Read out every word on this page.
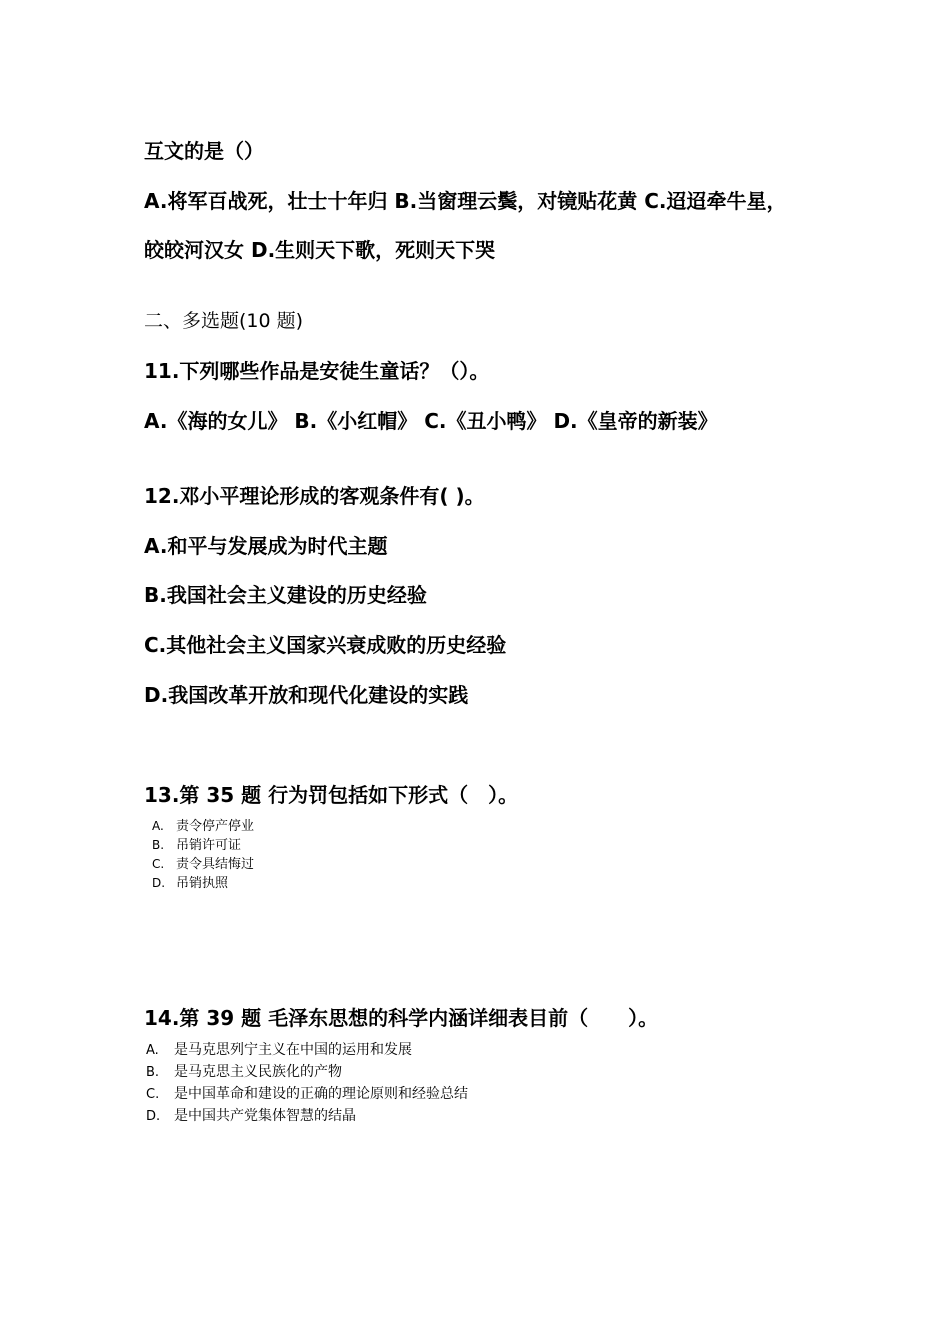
互文的是（）
A.将军百战死，壮士十年归 B.当窗理云鬓，对镜贴花黄 C.迢迢牵牛星，
皎皎河汉女 D.生则天下歌，死则天下哭
二、多选题(10 题)
11.下列哪些作品是安徒生童话？（）。
A.《海的女儿》 B.《小红帽》 C.《丑小鸭》 D.《皇帝的新装》
12.邓小平理论形成的客观条件有( )。
A.和平与发展成为时代主题
B.我国社会主义建设的历史经验
C.其他社会主义国家兴衰成败的历史经验
D.我国改革开放和现代化建设的实践
13.第 35 题 行为罚包括如下形式（　）。
A. 责令停产停业
B. 吊销许可证
C. 责令具结悔过
D. 吊销执照
14.第 39 题 毛泽东思想的科学内涵详细表目前（　　）。
A. 是马克思列宁主义在中国的运用和发展
B. 是马克思主义民族化的产物
C. 是中国革命和建设的正确的理论原则和经验总结
D. 是中国共产党集体智慧的结晶
